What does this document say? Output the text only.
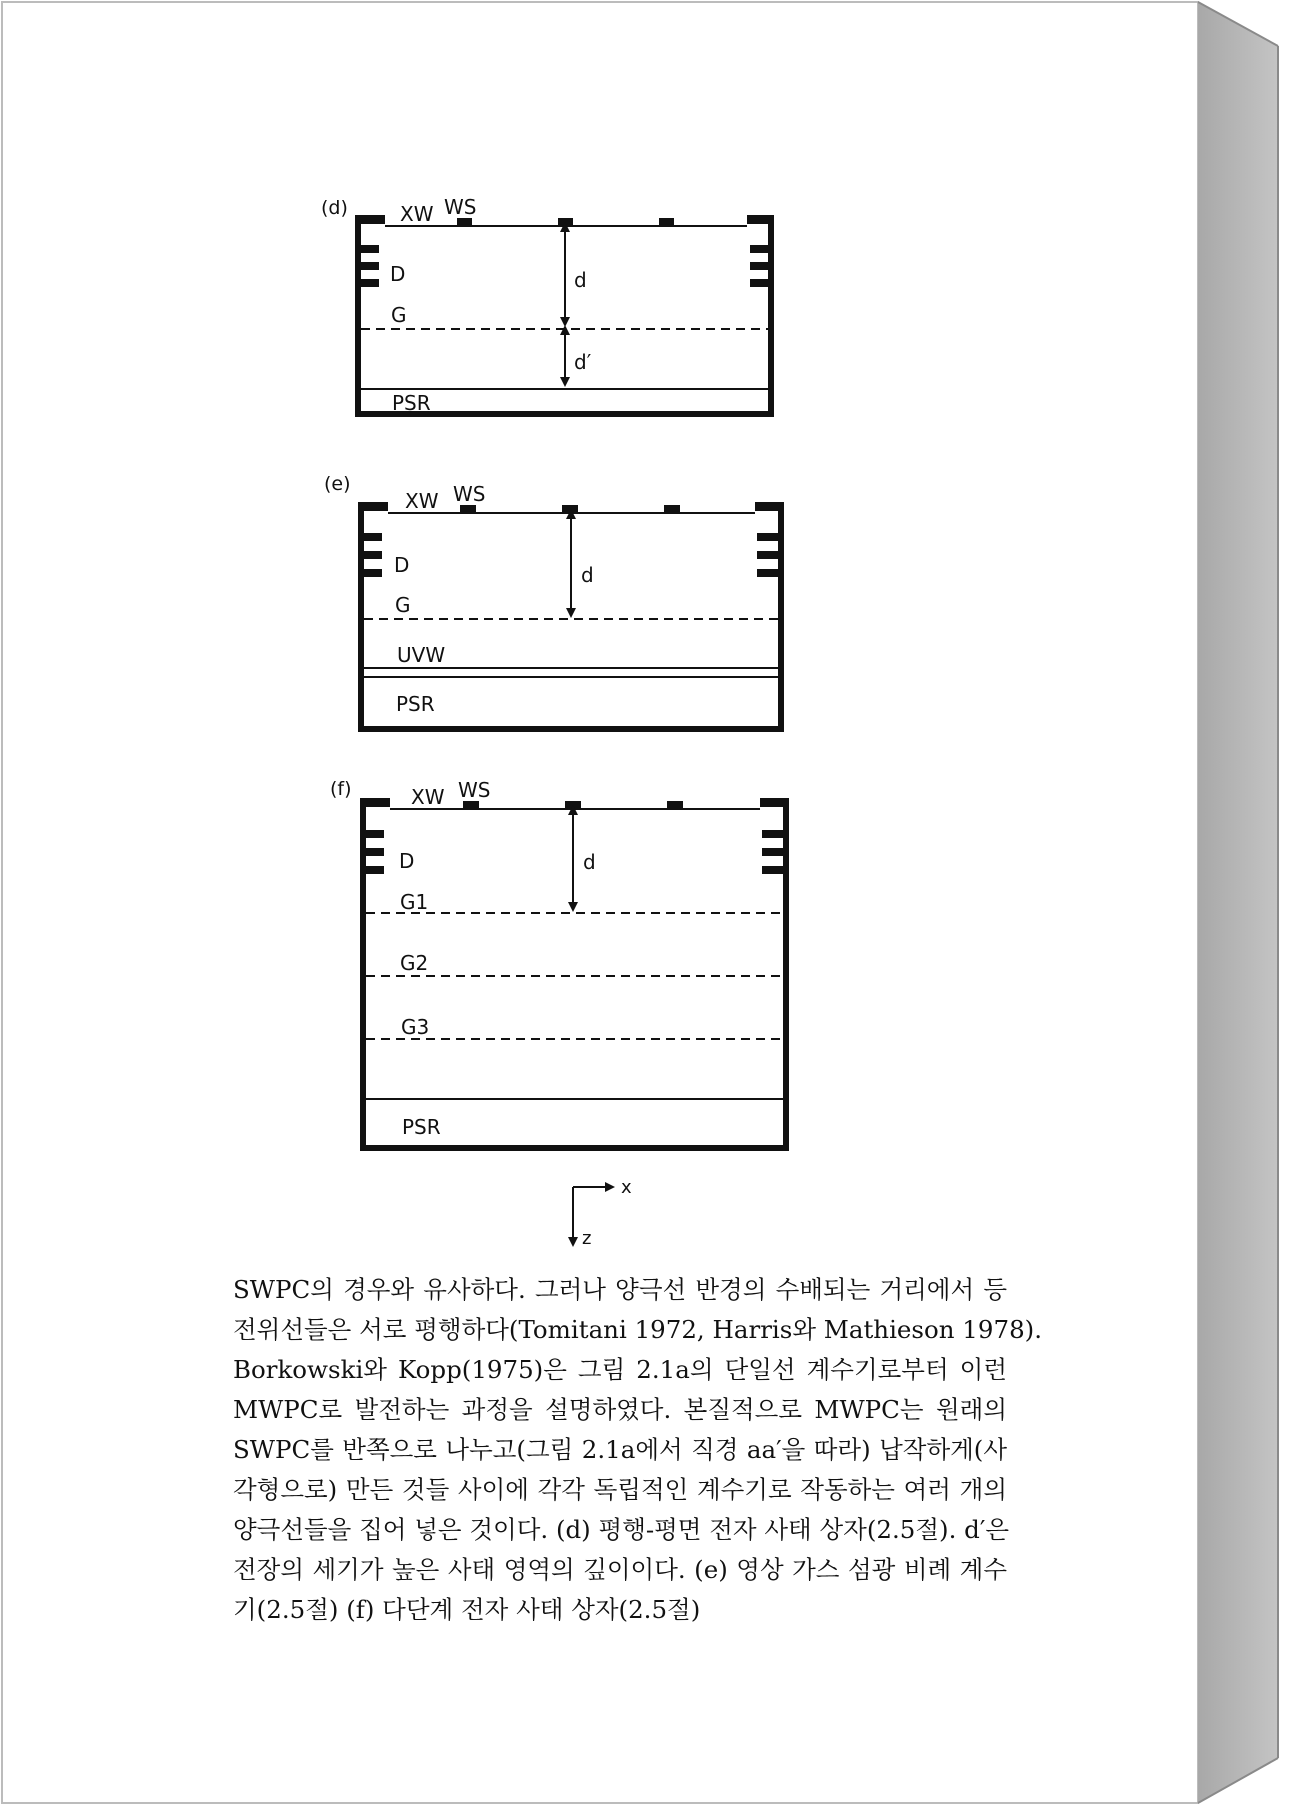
(d)	XW WS
D
G
d
d′
PSR
(e)
XW WS
D
G
d
UVW
PSR
(f)	XW WS
D
G1
G2
G3
d
PSR
x
z
SWPC의 경우와 유사하다. 그러나 양극선 반경의 수배되는 거리에서 등
전위선들은 서로 평행하다(Tomitani 1972, Harris와 Mathieson 1978).
Borkowski와 Kopp(1975)은 그림 2.1a의 단일선 계수기로부터 이런
MWPC로 발전하는 과정을 설명하였다. 본질적으로 MWPC는 원래의
SWPC를 반쪽으로 나누고(그림 2.1a에서 직경 aa′을 따라) 납작하게(사
각형으로) 만든 것들 사이에 각각 독립적인 계수기로 작동하는 여러 개의
양극선들을 집어 넣은 것이다. (d) 평행-평면 전자 사태 상자(2.5절). d′은
전장의 세기가 높은 사태 영역의 깊이이다. (e) 영상 가스 섬광 비례 계수
기(2.5절) (f) 다단계 전자 사태 상자(2.5절)
